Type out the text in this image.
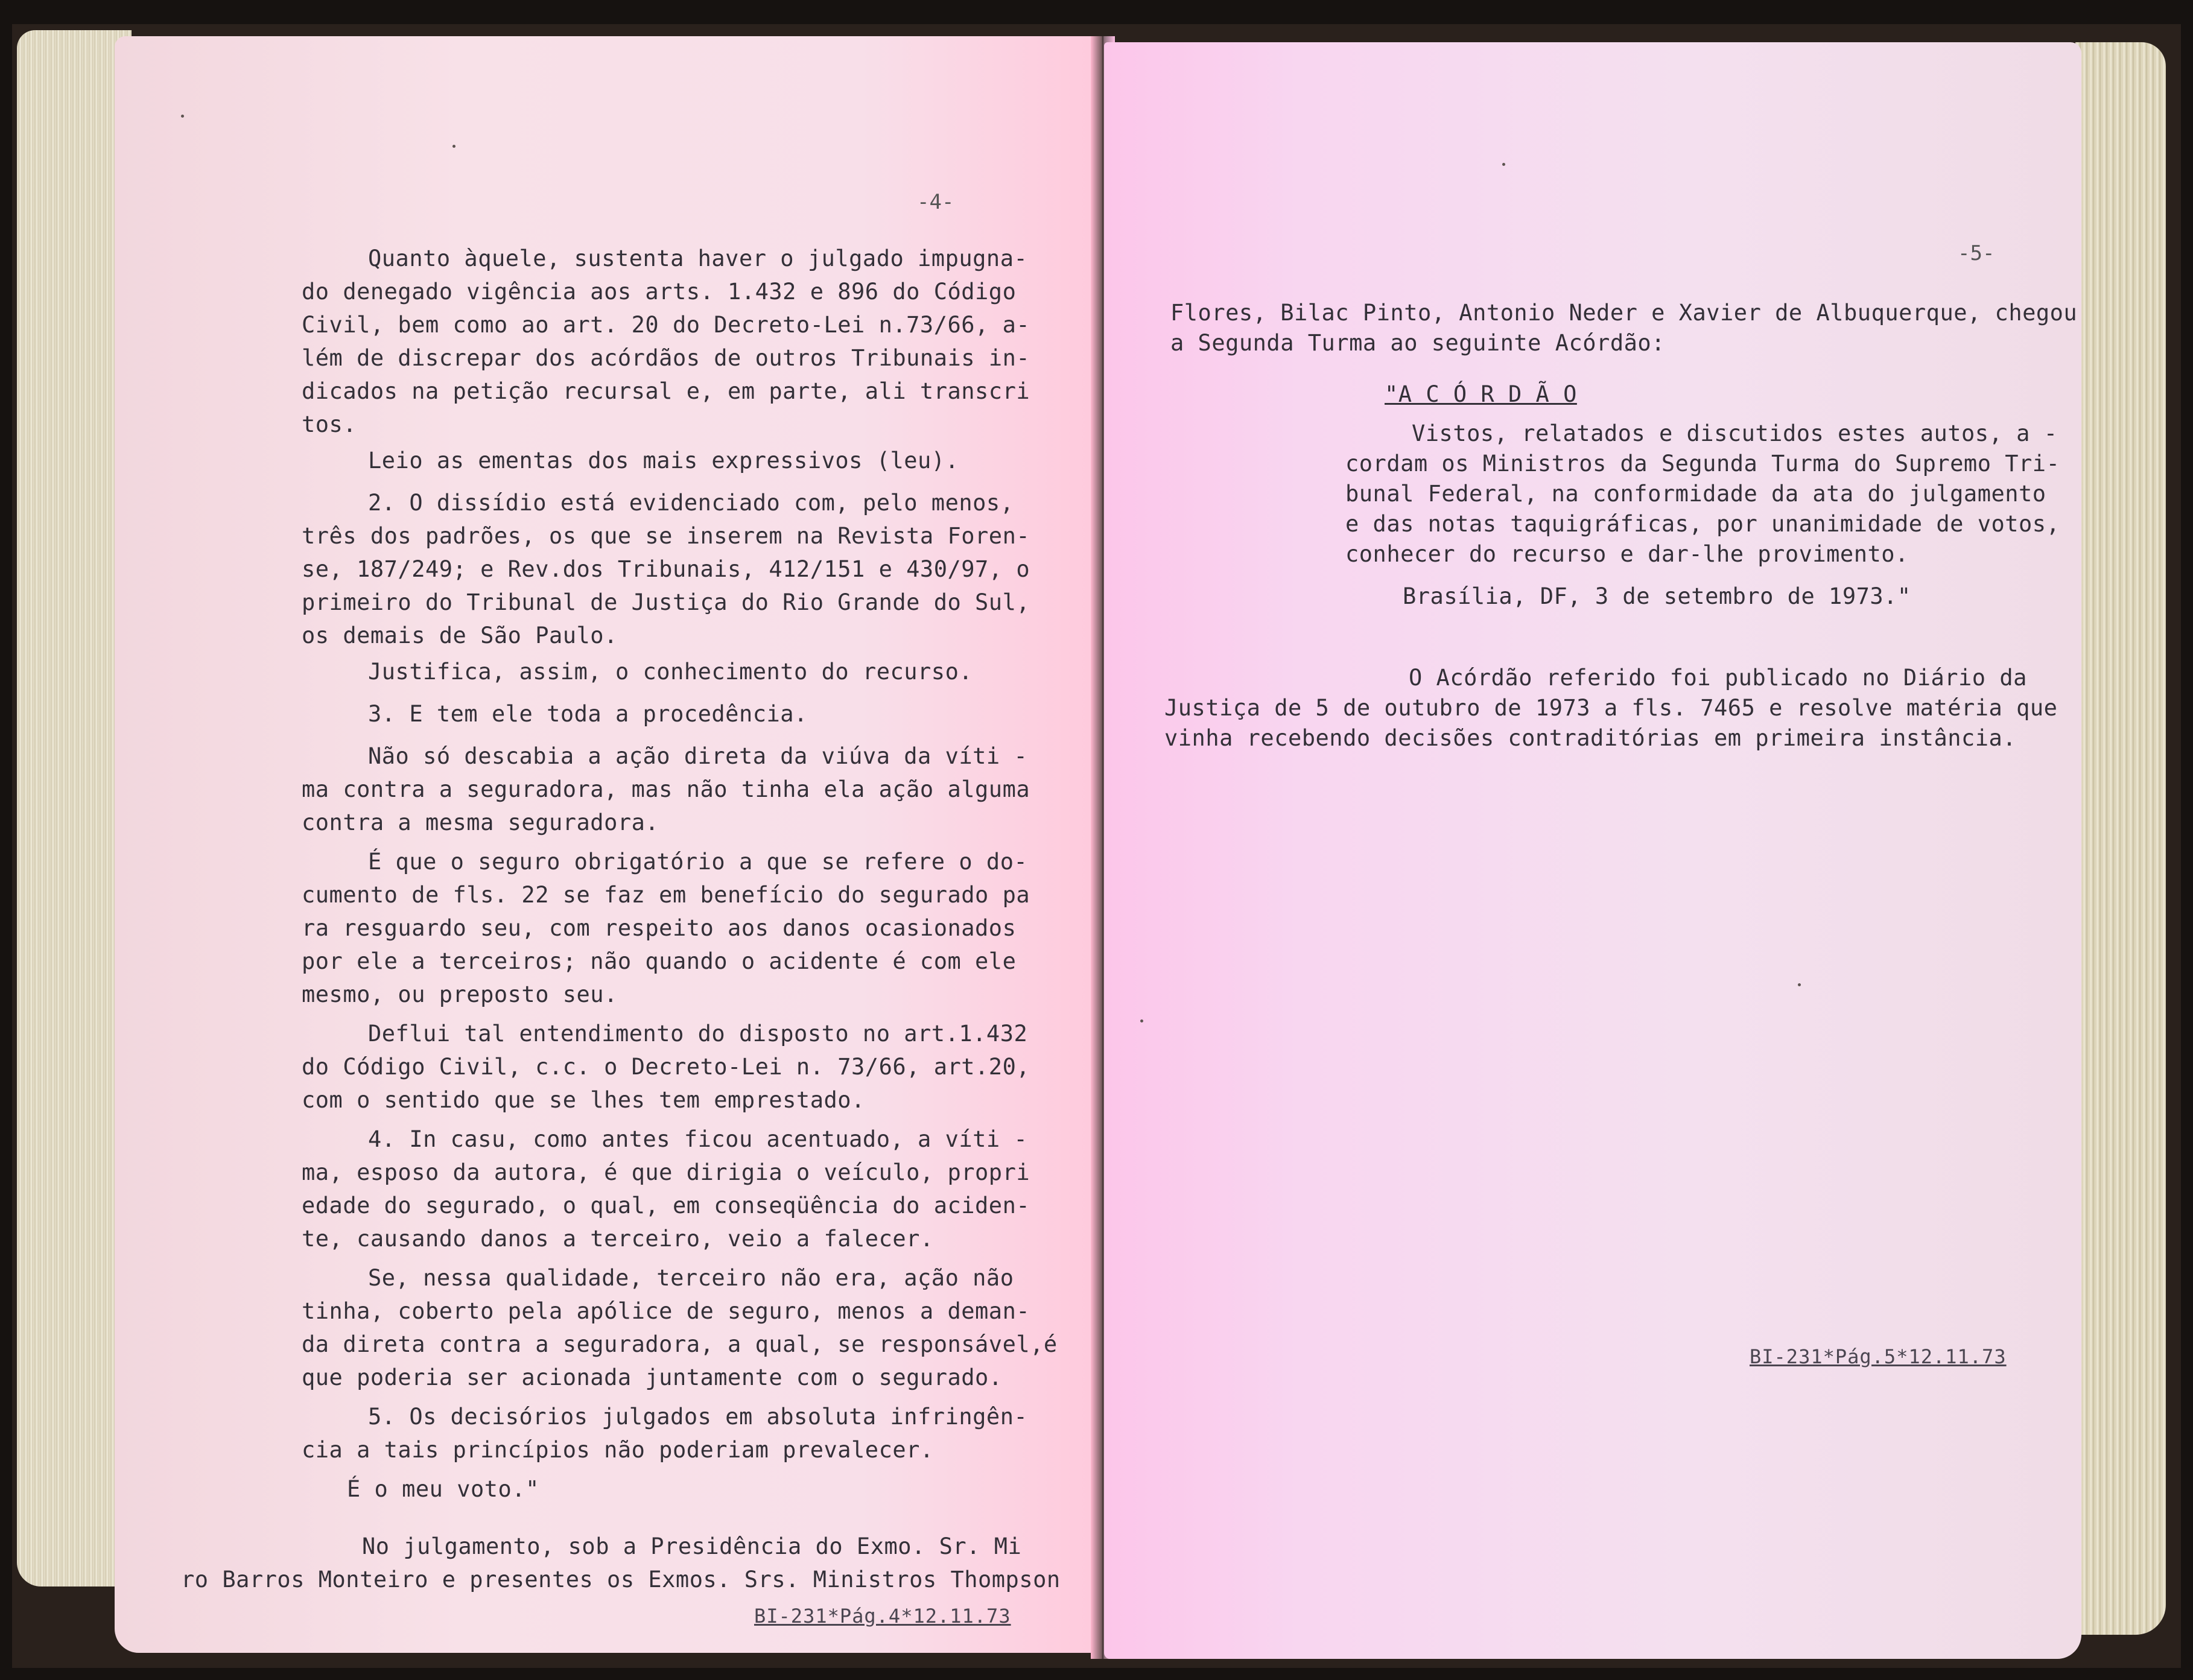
-4-
Quanto àquele, sustenta haver o julgado impugna-
do denegado vigência aos arts. 1.432 e 896 do Código
Civil, bem como ao art. 20 do Decreto-Lei n.73/66, a-
lém de discrepar dos acórdãos de outros Tribunais in-
dicados na petição recursal e, em parte, ali transcri
tos.
Leio as ementas dos mais expressivos (leu).
2. O dissídio está evidenciado com, pelo menos,
três dos padrões, os que se inserem na Revista Foren-
se, 187/249; e Rev.dos Tribunais, 412/151 e 430/97, o
primeiro do Tribunal de Justiça do Rio Grande do Sul,
os demais de São Paulo.
Justifica, assim, o conhecimento do recurso.
3. E tem ele toda a procedência.
Não só descabia a ação direta da viúva da víti -
ma contra a seguradora, mas não tinha ela ação alguma
contra a mesma seguradora.
É que o seguro obrigatório a que se refere o do-
cumento de fls. 22 se faz em benefício do segurado pa
ra resguardo seu, com respeito aos danos ocasionados
por ele a terceiros; não quando o acidente é com ele
mesmo, ou preposto seu.
Deflui tal entendimento do disposto no art.1.432
do Código Civil, c.c. o Decreto-Lei n. 73/66, art.20,
com o sentido que se lhes tem emprestado.
4. In casu, como antes ficou acentuado, a víti -
ma, esposo da autora, é que dirigia o veículo, propri
edade do segurado, o qual, em conseqüência do aciden-
te, causando danos a terceiro, veio a falecer.
Se, nessa qualidade, terceiro não era, ação não
tinha, coberto pela apólice de seguro, menos a deman-
da direta contra a seguradora, a qual, se responsável,é
que poderia ser acionada juntamente com o segurado.
5. Os decisórios julgados em absoluta infringên-
cia a tais princípios não poderiam prevalecer.
É o meu voto."
No julgamento, sob a Presidência do Exmo. Sr. Mi
ro Barros Monteiro e presentes os Exmos. Srs. Ministros Thompson
BI-231*Pág.4*12.11.73
-5-
Flores, Bilac Pinto, Antonio Neder e Xavier de Albuquerque, chegou
a Segunda Turma ao seguinte Acórdão:
"A C Ó R D Ã O
Vistos, relatados e discutidos estes autos, a -
cordam os Ministros da Segunda Turma do Supremo Tri-
bunal Federal, na conformidade da ata do julgamento
e das notas taquigráficas, por unanimidade de votos,
conhecer do recurso e dar-lhe provimento.
Brasília, DF, 3 de setembro de 1973."
O Acórdão referido foi publicado no Diário da
Justiça de 5 de outubro de 1973 a fls. 7465 e resolve matéria que
vinha recebendo decisões contraditórias em primeira instância.
BI-231*Pág.5*12.11.73
